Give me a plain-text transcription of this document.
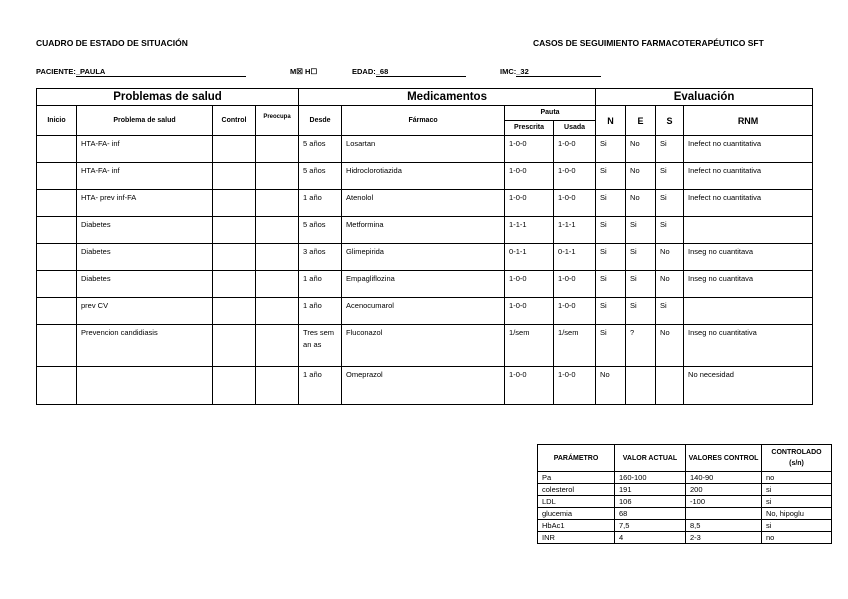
CUADRO DE ESTADO DE SITUACIÓN	CASOS DE SEGUIMIENTO FARMACOTERAPÉUTICO SFT
PACIENTE:_PAULA	M☒ H☐	EDAD:_68	IMC:_32
Problemas de salud				Medicamentos				Evaluación			
Inicio	Problema de salud	Control	Preocupa	Desde	Fármaco	Pauta		N	E	S	RNM
						Prescrita	Usada				
	HTA-FA- inf			5 años	Losartan	1-0-0	1-0-0	Si	No	Si	Inefect no cuantitativa
	HTA-FA- inf			5 años	Hidroclorotiazida	1-0-0	1-0-0	Si	No	Si	Inefect no cuantitativa
	HTA- prev inf-FA			1 año	Atenolol	1-0-0	1-0-0	Si	No	Si	Inefect no cuantitativa
	Diabetes			5 años	Metformina	1-1-1	1-1-1	Si	Si	Si	
	Diabetes			3 años	Glimepirida	0-1-1	0-1-1	Si	Si	No	Inseg no cuantitava
	Diabetes			1 año	Empagliflozina	1-0-0	1-0-0	Si	Si	No	Inseg no cuantitava
	prev CV			1 año	Acenocumarol	1-0-0	1-0-0	Si	Si	Si	
	Prevencion candidiasis			Tres seman as	Fluconazol	1/sem	1/sem	Si	?	No	Inseg no cuantitativa
				1 año	Omeprazol	1-0-0	1-0-0	No			No necesidad
PARÁMETRO	VALOR ACTUAL	VALORES CONTROL	CONTROLADO (s/n)
Pa	160-100	140-90	no
colesterol	191	200	si
LDL	106	-100	si
glucemia	68		No, hipoglu
HbAc1	7,5	8,5	si
INR	4	2-3	no
